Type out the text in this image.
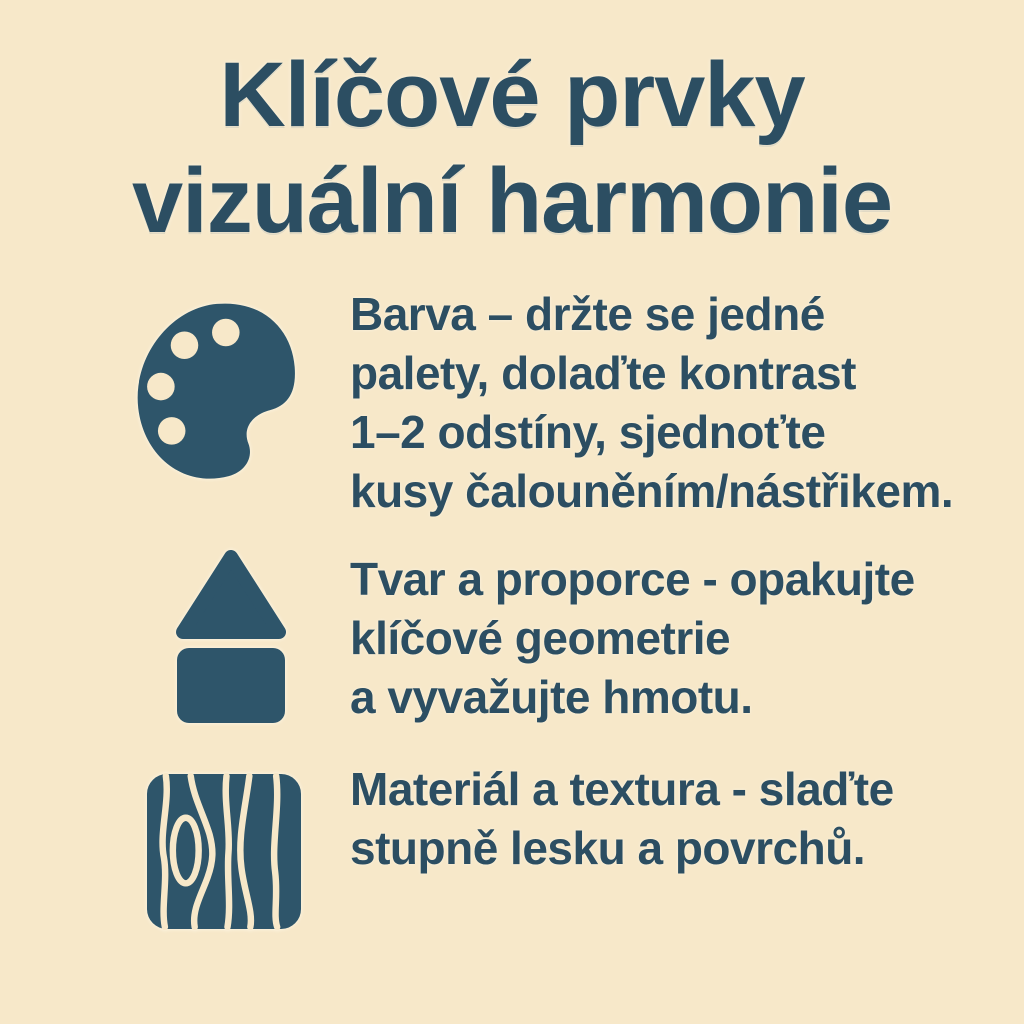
Klíčové prvky
vizuální harmonie
Barva – držte se jedné
palety, dolaďte kontrast
1–2 odstíny, sjednoťte
kusy čalouněním/nástřikem.
Tvar a proporce - opakujte
klíčové geometrie
a vyvažujte hmotu.
Materiál a textura - slaďte
stupně lesku a povrchů.
